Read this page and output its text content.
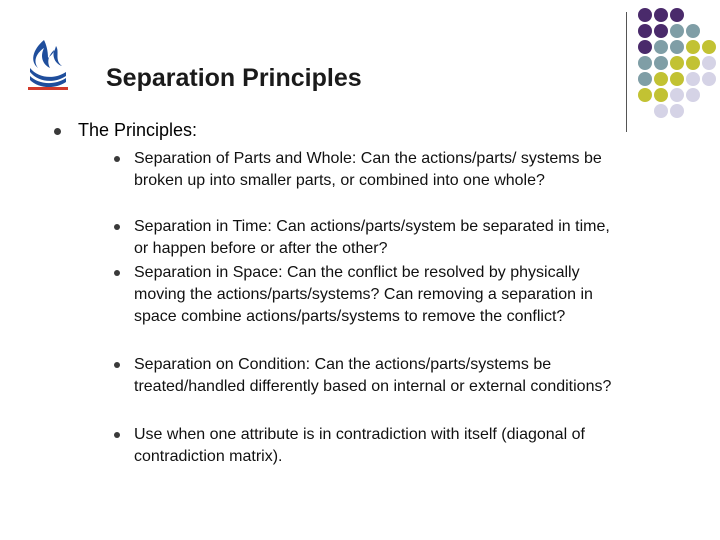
Separation Principles
The Principles:
Separation of Parts and Whole: Can the actions/parts/ systems be broken up into smaller parts, or combined into one whole?
Separation in Time: Can actions/parts/system be separated in time, or happen before or after the other?
Separation in Space: Can the conflict be resolved by physically moving the actions/parts/systems? Can removing a separation in space combine actions/parts/systems to remove the conflict?
Separation on Condition: Can the actions/parts/systems be treated/handled differently based on internal or external conditions?
Use when one attribute is in contradiction with itself (diagonal of contradiction matrix).
